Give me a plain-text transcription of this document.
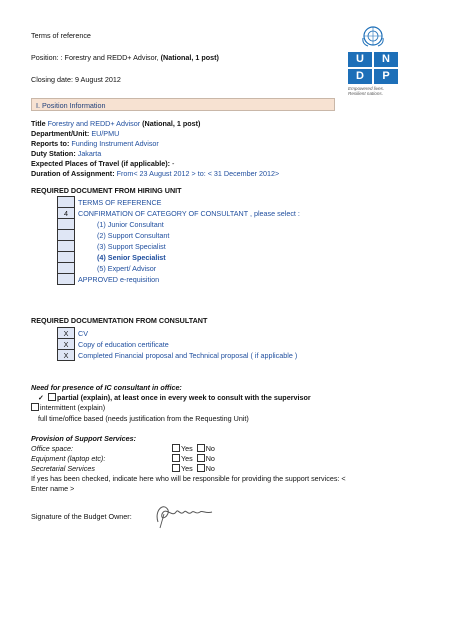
Terms of reference
Position: : Forestry and REDD+ Advisor, (National, 1 post)
Closing date: 9 August 2012
U	N
D	P
Empowered lives.
Resilient nations.
I. Position Information
Title Forestry and REDD+ Advisor (National, 1 post)
Department/Unit: EU/PMU
Reports to: Funding Instrument Advisor
Duty Station: Jakarta
Expected Places of Travel (if applicable): -
Duration of Assignment: From< 23 August 2012 > to: < 31 December 2012>
REQUIRED DOCUMENT FROM HIRING UNIT
	TERMS OF REFERENCE
4	CONFIRMATION OF CATEGORY OF CONSULTANT , please select :
	(1) Junior Consultant
	(2) Support Consultant
	(3) Support Specialist
	(4) Senior Specialist
	(5) Expert/ Advisor
	APPROVED e-requisition
REQUIRED DOCUMENTATION FROM CONSULTANT
X	CV
X	Copy of education certificate
X	Completed Financial proposal and Technical proposal ( if applicable )
Need for presence of IC consultant in office:
✓ partial (explain), at least once in every week to consult with the supervisor
intermittent (explain)
full time/office based (needs justification from the Requesting Unit)
Provision of Support Services:
Office space:	Yes No
Equipment (laptop etc):	Yes No
Secretarial Services	Yes No
If yes has been checked, indicate here who will be responsible for providing the support services: <
Enter name >
Signature of the Budget Owner:
